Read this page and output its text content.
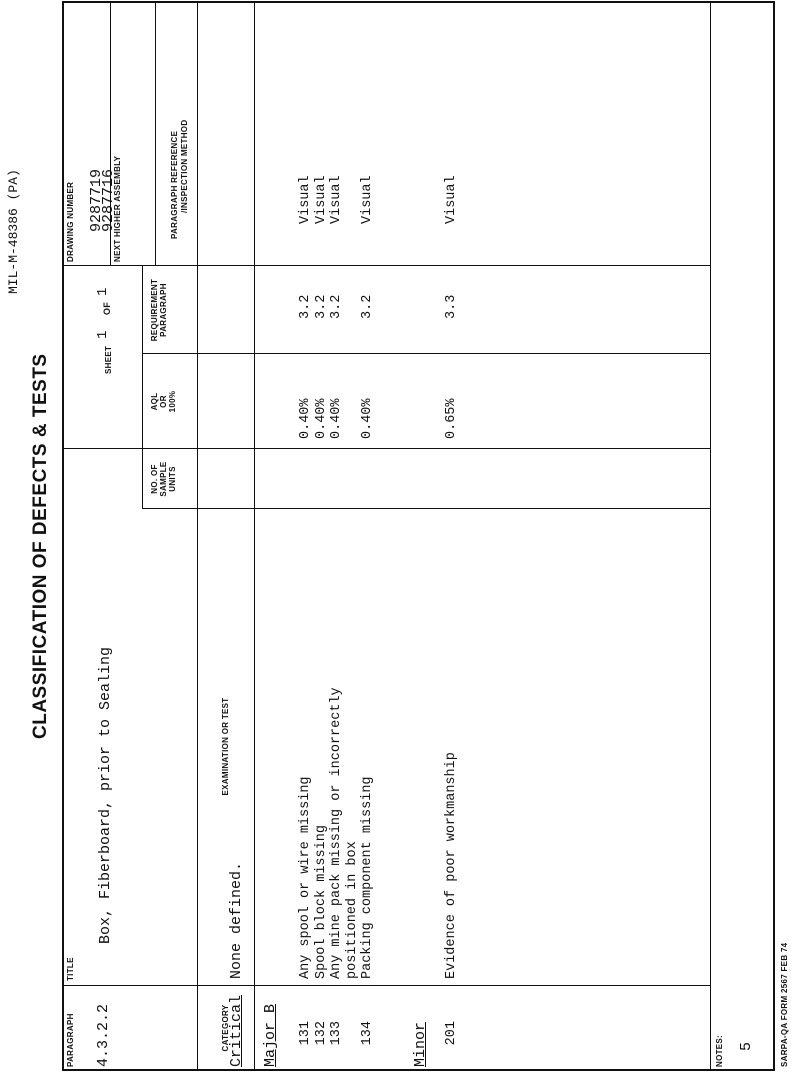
MIL-M-48386 (PA)
CLASSIFICATION OF DEFECTS & TESTS
PARAGRAPH 4.3.2.2
TITLE
Box, Fiberboard, prior to Sealing
SHEET
1
OF
1
DRAWING NUMBER 9287719 NEXT HIGHER ASSEMBLY
9287716
CATEGORY
EXAMINATION OR TEST
NO. OF SAMPLE UNITS
AQL OR 100%
REQUIREMENT PARAGRAPH
PARAGRAPH REFERENCE /INSPECTION METHOD
Critical
None defined.
Major B 131 132 133 134
Any spool or wire missing Spool block missing Any mine pack missing or incorrectly positioned in box Packing component missing
0.40% 0.40% 0.40% 0.40%
3.2 3.2 3.2 3.2
Visual Visual Visual Visual
Minor 201
Evidence of poor workmanship
0.65%
3.3
Visual
NOTES: 5	SARPA-QA FORM 2567 FEB 74
